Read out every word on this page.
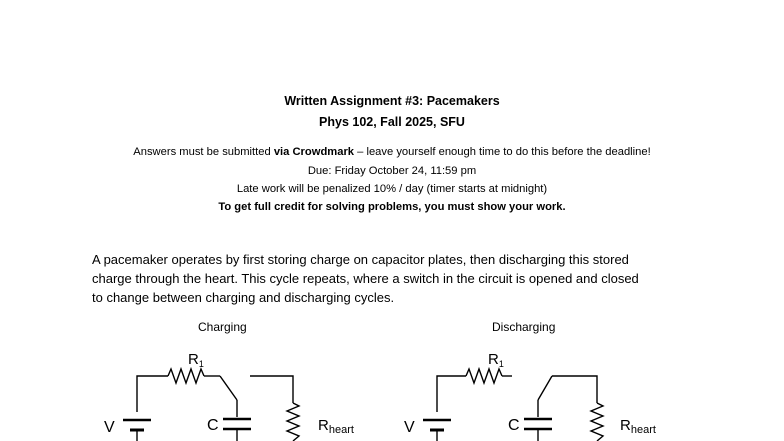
Written Assignment #3: Pacemakers
Phys 102, Fall 2025, SFU
Answers must be submitted via Crowdmark – leave yourself enough time to do this before the deadline!
Due: Friday October 24, 11:59 pm
Late work will be penalized 10% / day (timer starts at midnight)
To get full credit for solving problems, you must show your work.
A pacemaker operates by first storing charge on capacitor plates, then discharging this stored
charge through the heart. This cycle repeats, where a switch in the circuit is opened and closed
to change between charging and discharging cycles.
Charging	Discharging
$R_1$
V	C	$R_{heart}$
$R_1$
V	C	$R_{heart}$
